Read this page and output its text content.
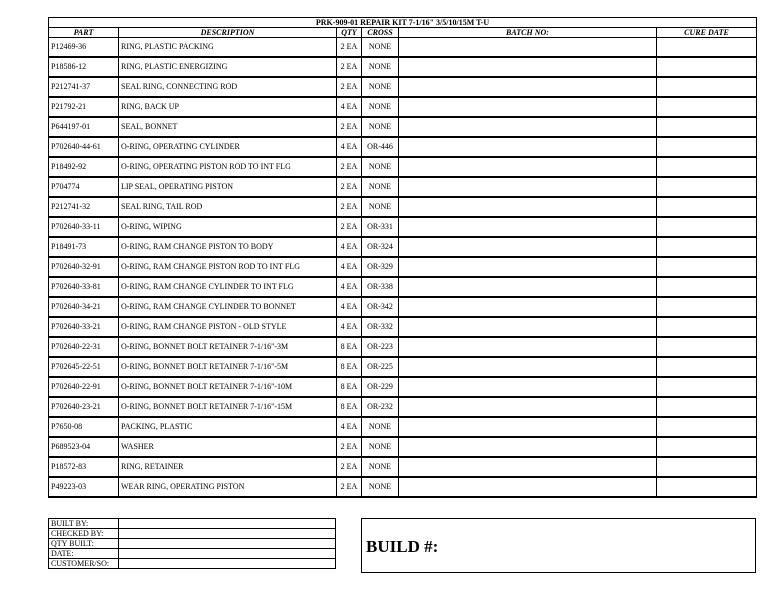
PRK-909-01 REPAIR KIT 7-1/16" 3/5/10/15M T-U					
PART	DESCRIPTION	QTY	CROSS	BATCH NO:	CURE DATE
P12469-36	RING, PLASTIC PACKING	2 EA	NONE		
P18586-12	RING, PLASTIC ENERGIZING	2 EA	NONE		
P212741-37	SEAL RING, CONNECTING ROD	2 EA	NONE		
P21792-21	RING, BACK UP	4 EA	NONE		
P644197-01	SEAL, BONNET	2 EA	NONE		
P702640-44-61	O-RING, OPERATING CYLINDER	4 EA	OR-446		
P18492-92	O-RING, OPERATING PISTON ROD TO INT FLG	2 EA	NONE		
P704774	LIP SEAL, OPERATING PISTON	2 EA	NONE		
P212741-32	SEAL RING, TAIL ROD	2 EA	NONE		
P702640-33-11	O-RING, WIPING	2 EA	OR-331		
P18491-73	O-RING, RAM CHANGE PISTON TO BODY	4 EA	OR-324		
P702640-32-91	O-RING, RAM CHANGE PISTON ROD TO INT FLG	4 EA	OR-329		
P702640-33-81	O-RING, RAM CHANGE CYLINDER TO INT FLG	4 EA	OR-338		
P702640-34-21	O-RING, RAM CHANGE CYLINDER TO BONNET	4 EA	OR-342		
P702640-33-21	O-RING, RAM CHANGE PISTON - OLD STYLE	4 EA	OR-332		
P702640-22-31	O-RING, BONNET BOLT RETAINER 7-1/16"-3M	8 EA	OR-223		
P702645-22-51	O-RING, BONNET BOLT RETAINER 7-1/16"-5M	8 EA	OR-225		
P702640-22-91	O-RING, BONNET BOLT RETAINER 7-1/16"-10M	8 EA	OR-229		
P702640-23-21	O-RING, BONNET BOLT RETAINER 7-1/16"-15M	8 EA	OR-232		
P7650-08	PACKING, PLASTIC	4 EA	NONE		
P689523-04	WASHER	2 EA	NONE		
P18572-83	RING, RETAINER	2 EA	NONE		
P49223-03	WEAR RING, OPERATING PISTON	2 EA	NONE		
BUILT BY:	
CHECKED BY:	
QTY BUILT:	
DATE:	
CUSTOMER/SO:	
BUILD #:
